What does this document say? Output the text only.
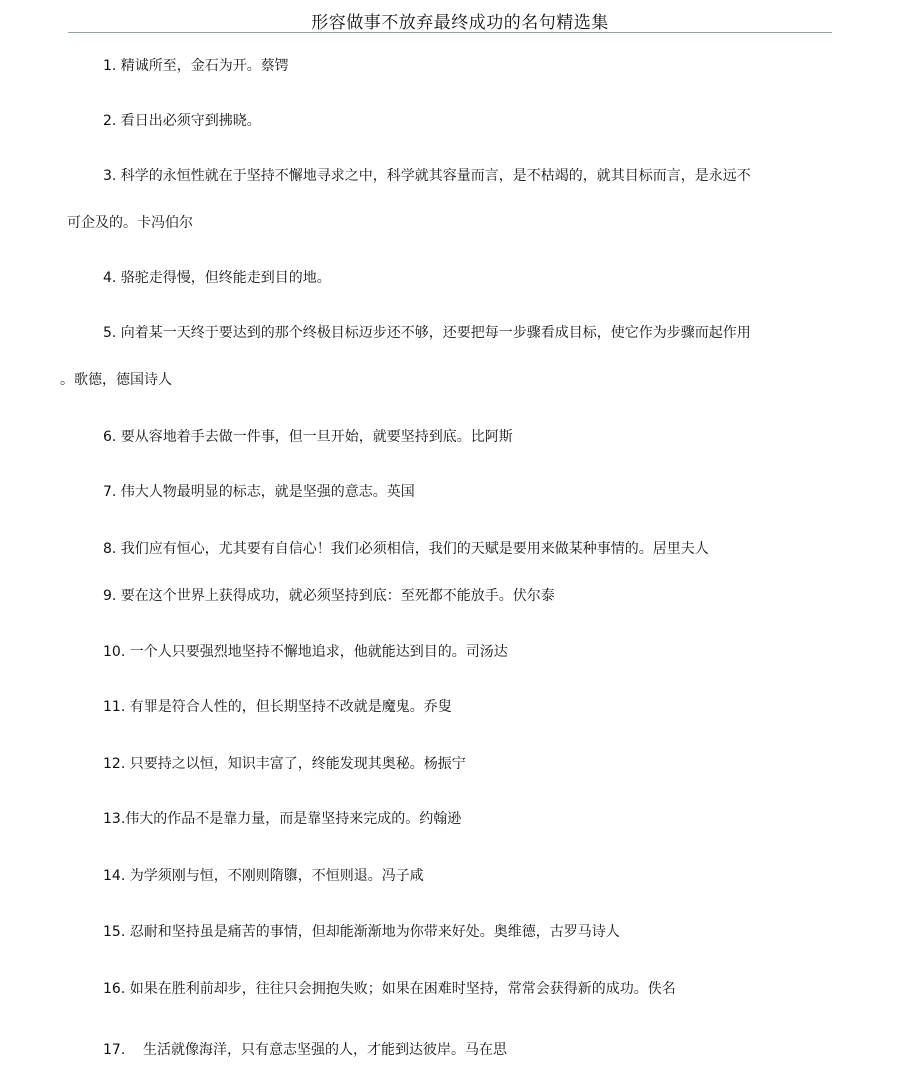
形容做事不放弃最终成功的名句精选集
1. 精诚所至，金石为开。蔡锷
2. 看日出必须守到拂晓。
3. 科学的永恒性就在于坚持不懈地寻求之中，科学就其容量而言，是不枯竭的，就其目标而言，是永远不
可企及的。卡冯伯尔
4. 骆驼走得慢，但终能走到目的地。
5. 向着某一天终于要达到的那个终极目标迈步还不够，还要把每一步骤看成目标，使它作为步骤而起作用
。歌德，德国诗人
6. 要从容地着手去做一件事，但一旦开始，就要坚持到底。比阿斯
7. 伟大人物最明显的标志，就是坚强的意志。英国
8. 我们应有恒心，尤其要有自信心！我们必须相信，我们的天赋是要用来做某种事情的。居里夫人
9. 要在这个世界上获得成功，就必须坚持到底：至死都不能放手。伏尔泰
10. 一个人只要强烈地坚持不懈地追求，他就能达到目的。司汤达
11. 有罪是符合人性的，但长期坚持不改就是魔鬼。乔叟
12. 只要持之以恒，知识丰富了，终能发现其奥秘。杨振宁
13.伟大的作品不是靠力量，而是靠坚持来完成的。约翰逊
14. 为学须刚与恒，不刚则隋隳，不恒则退。冯子咸
15. 忍耐和坚持虽是痛苦的事情，但却能渐渐地为你带来好处。奥维德，古罗马诗人
16. 如果在胜利前却步，往往只会拥抱失败；如果在困难时坚持，常常会获得新的成功。佚名
17. 生活就像海洋，只有意志坚强的人，才能到达彼岸。马在思
